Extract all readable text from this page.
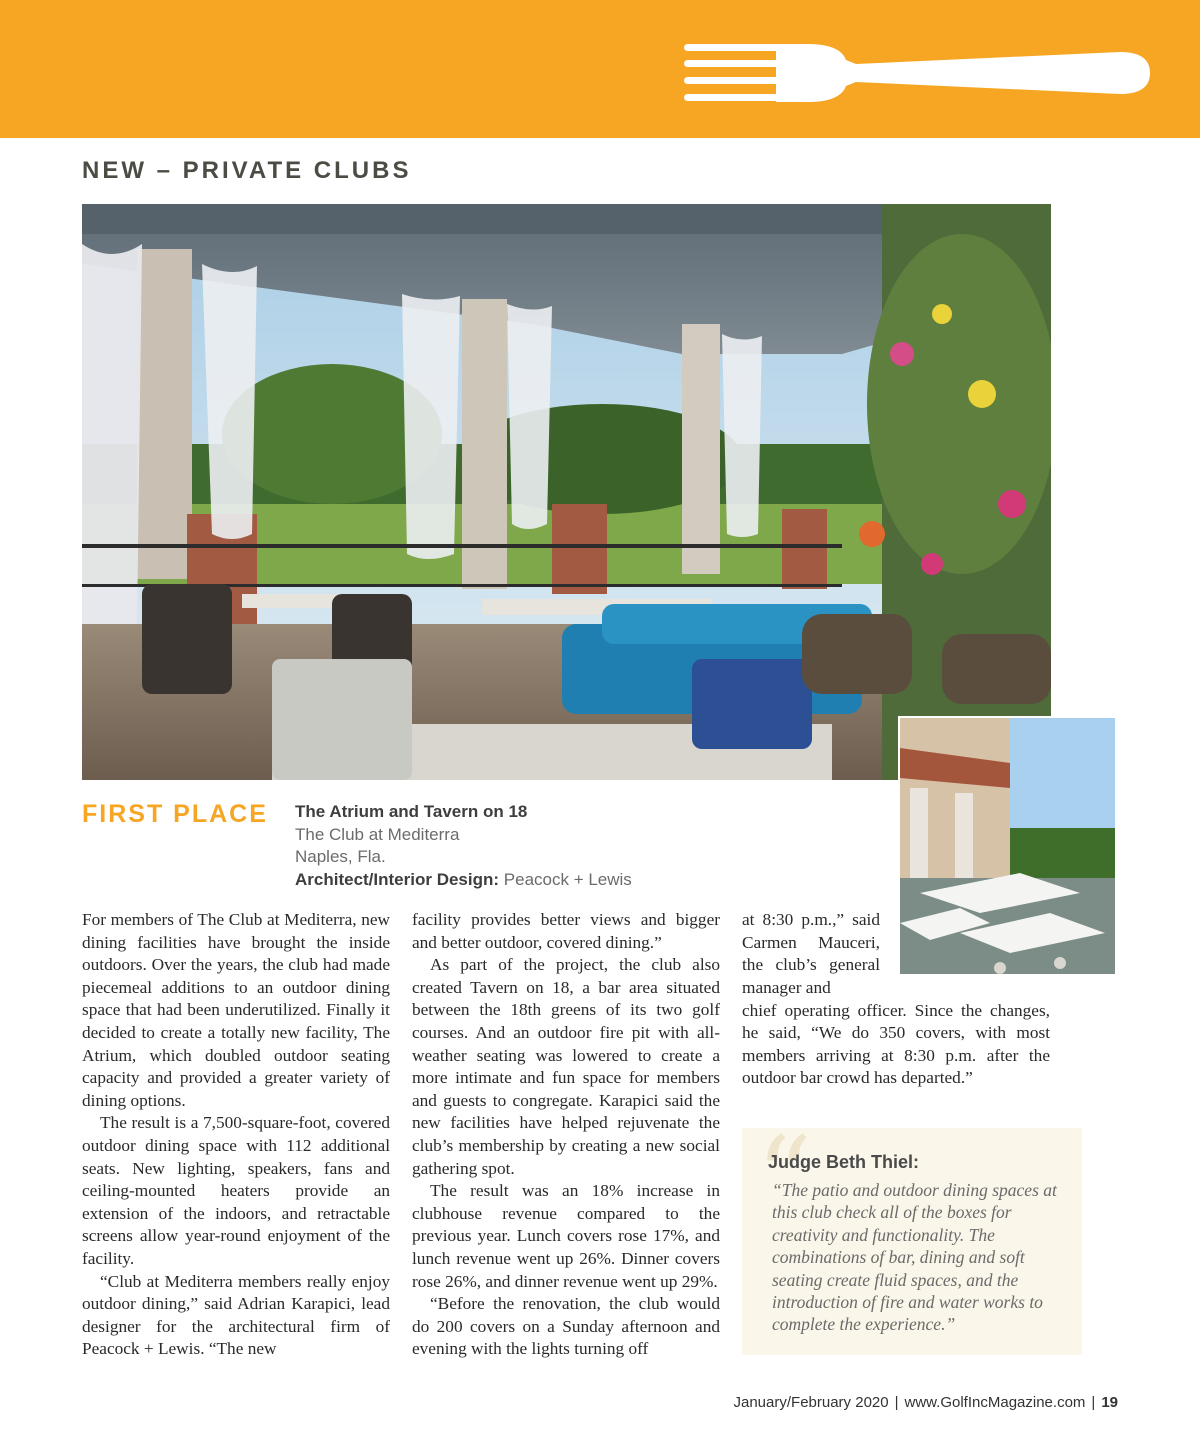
NEW – PRIVATE CLUBS
FIRST PLACE The Atrium and Tavern on 18
The Club at Mediterra
Naples, Fla.
Architect/Interior Design: Peacock + Lewis

For members of The Club at Mediterra, new dining facilities have brought the inside outdoors. Over the years, the club had made piecemeal additions to an outdoor dining space that had been underutilized. Finally it decided to create a totally new facility, The Atrium, which doubled outdoor seating capacity and provided a greater variety of dining options.

The result is a 7,500-square-foot, covered outdoor dining space with 112 additional seats. New lighting, speakers, fans and ceiling-mounted heaters provide an extension of the indoors, and retractable screens allow year-round enjoyment of the facility.

“Club at Mediterra members really enjoy outdoor dining,” said Adrian Karapici, lead designer for the architectural firm of Peacock + Lewis. “The new

facility provides better views and bigger and better outdoor, covered dining.”

As part of the project, the club also created Tavern on 18, a bar area situated between the 18th greens of its two golf courses. And an outdoor fire pit with all-weather seating was lowered to create a more intimate and fun space for members and guests to congregate. Karapici said the new facilities have helped rejuvenate the club’s membership by creating a new social gathering spot.

The result was an 18% increase in clubhouse revenue compared to the previous year. Lunch covers rose 17%, and lunch revenue went up 26%. Dinner covers rose 26%, and dinner revenue went up 29%.

“Before the renovation, the club would do 200 covers on a Sunday afternoon and evening with the lights turning off

at 8:30 p.m.,” said Carmen Mauceri, the club’s general manager and

chief operating officer. Since the changes, he said, “We do 350 covers, with most members arriving at 8:30 p.m. after the outdoor bar crowd has departed.”

“
Judge Beth Thiel:
“The patio and outdoor dining spaces at this club check all of the boxes for creativity and functionality. The combinations of bar, dining and soft seating create fluid spaces, and the introduction of fire and water works to complete the experience.”
January/February 2020 | www.GolfIncMagazine.com | 19
